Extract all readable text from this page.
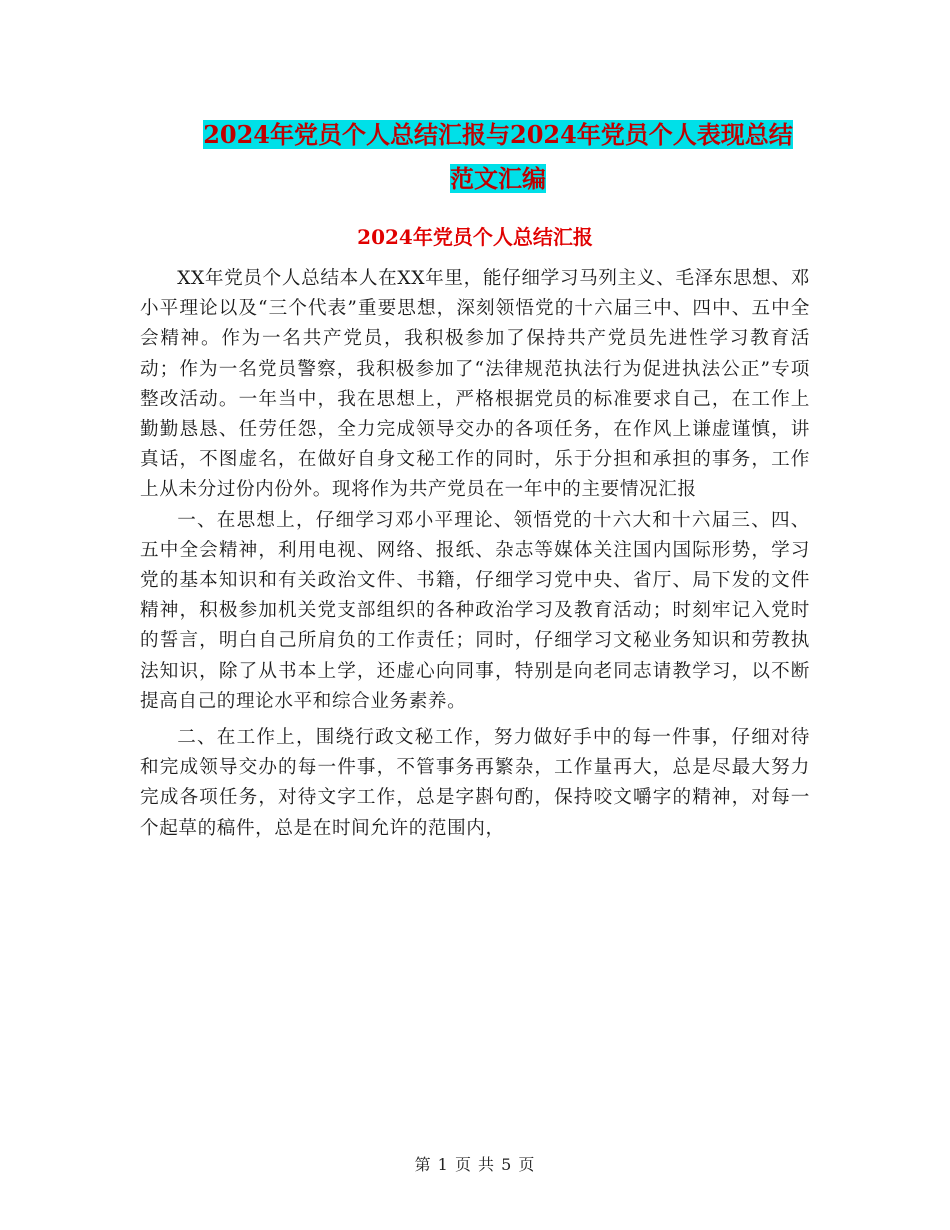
2024年党员个人总结汇报与2024年党员个人表现总结
范文汇编
2024年党员个人总结汇报

XX年党员个人总结本人在XX年里，能仔细学习马列主义、毛泽东思想、邓小平理论以及“三个代表”重要思想，深刻领悟党的十六届三中、四中、五中全会精神。作为一名共产党员，我积极参加了保持共产党员先进性学习教育活动；作为一名党员警察，我积极参加了“法律规范执法行为促进执法公正”专项整改活动。一年当中，我在思想上，严格根据党员的标准要求自己，在工作上勤勤恳恳、任劳任怨，全力完成领导交办的各项任务，在作风上谦虚谨慎，讲真话，不图虚名，在做好自身文秘工作的同时，乐于分担和承担的事务，工作上从未分过份内份外。现将作为共产党员在一年中的主要情况汇报

一、在思想上，仔细学习邓小平理论、领悟党的十六大和十六届三、四、五中全会精神，利用电视、网络、报纸、杂志等媒体关注国内国际形势，学习党的基本知识和有关政治文件、书籍，仔细学习党中央、省厅、局下发的文件精神，积极参加机关党支部组织的各种政治学习及教育活动；时刻牢记入党时的誓言，明白自己所肩负的工作责任；同时，仔细学习文秘业务知识和劳教执法知识，除了从书本上学，还虚心向同事，特别是向老同志请教学习，以不断提高自己的理论水平和综合业务素养。

二、在工作上，围绕行政文秘工作，努力做好手中的每一件事，仔细对待和完成领导交办的每一件事，不管事务再繁杂，工作量再大，总是尽最大努力完成各项任务，对待文字工作，总是字斟句酌，保持咬文嚼字的精神，对每一个起草的稿件，总是在时间允许的范围内，

第 1 页 共 5 页
